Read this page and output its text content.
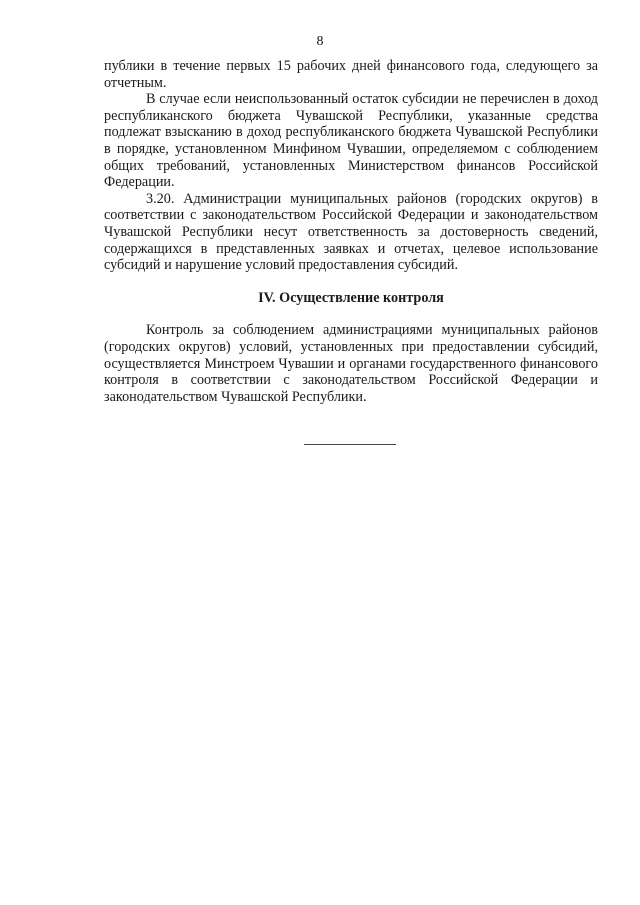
8

публики в течение первых 15 рабочих дней финансового года, следующего за отчетным.

В случае если неиспользованный остаток субсидии не перечислен в доход республиканского бюджета Чувашской Республики, указанные средства подлежат взысканию в доход республиканского бюджета Чувашской Республики в порядке, установленном Минфином Чувашии, определяемом с соблюдением общих требований, установленных Министерством финансов Российской Федерации.

3.20. Администрации муниципальных районов (городских округов) в соответствии с законодательством Российской Федерации и законодательством Чувашской Республики несут ответственность за достоверность сведений, содержащихся в представленных заявках и отчетах, целевое использование субсидий и нарушение условий предоставления субсидий.

IV. Осуществление контроля

Контроль за соблюдением администрациями муниципальных районов (городских округов) условий, установленных при предоставлении субсидий, осуществляется Минстроем Чувашии и органами государственного финансового контроля в соответствии с законодательством Российской Федерации и законодательством Чувашской Республики.
